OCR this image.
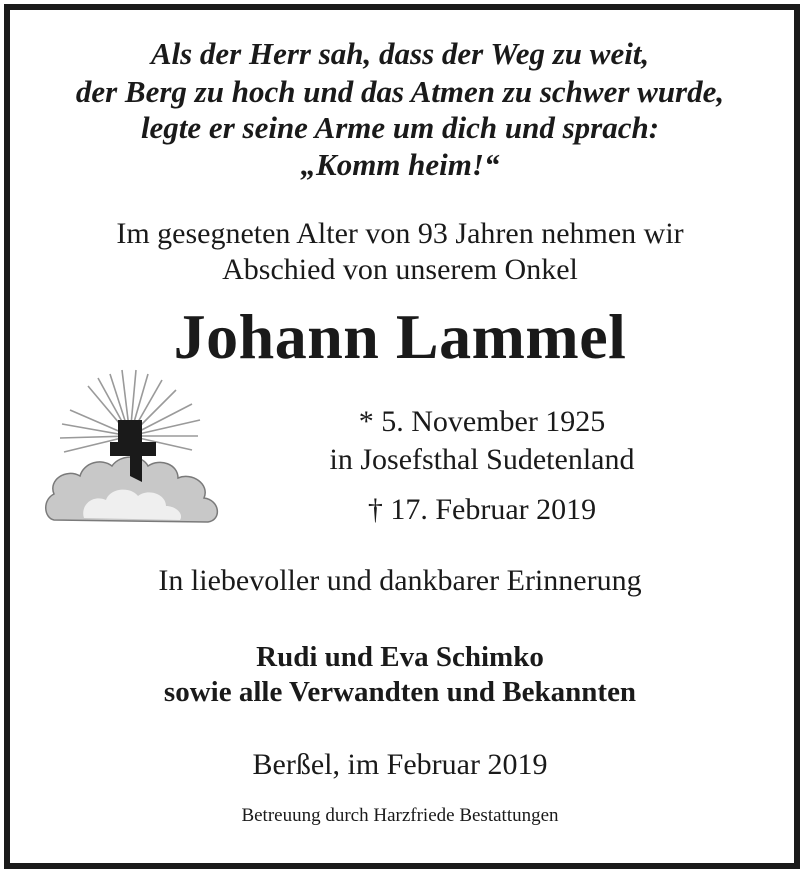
Als der Herr sah, dass der Weg zu weit,
der Berg zu hoch und das Atmen zu schwer wurde,
legte er seine Arme um dich und sprach:
„Komm heim!“
Im gesegneten Alter von 93 Jahren nehmen wir
Abschied von unserem Onkel
Johann Lammel
* 5. November 1925
in Josefsthal Sudetenland
† 17. Februar 2019
In liebevoller und dankbarer Erinnerung
Rudi und Eva Schimko
sowie alle Verwandten und Bekannten
Berßel, im Februar 2019
Betreuung durch Harzfriede Bestattungen
